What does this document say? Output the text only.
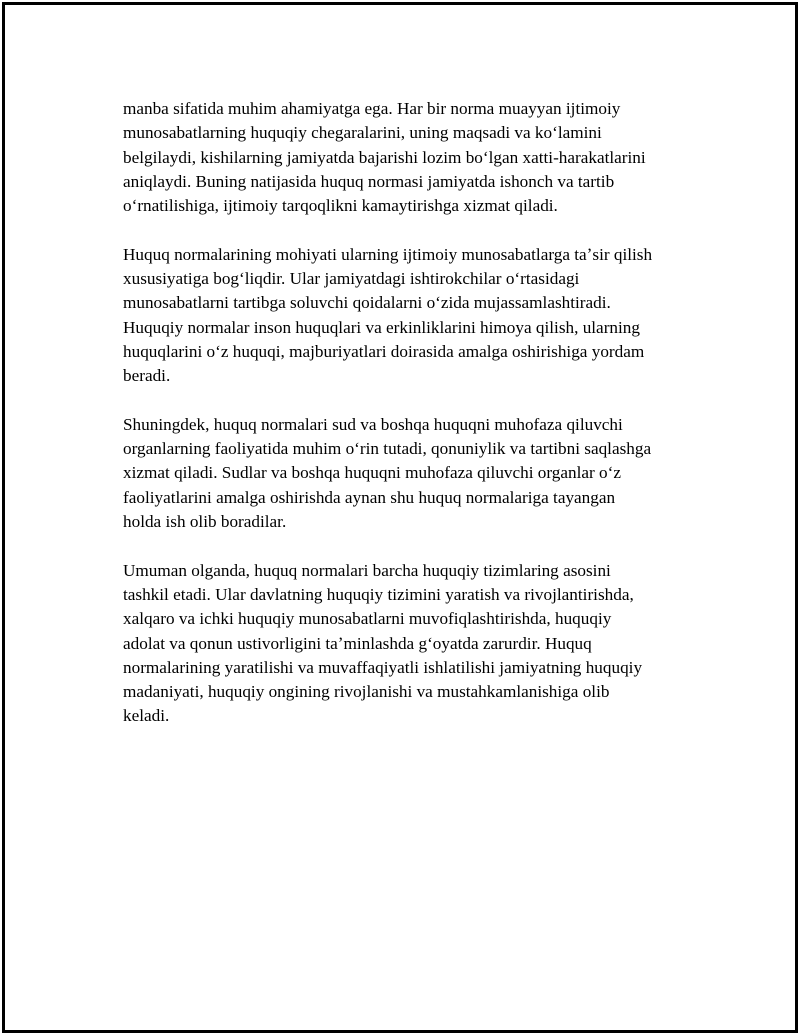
manba sifatida muhim ahamiyatga ega. Har bir norma muayyan ijtimoiy
munosabatlarning huquqiy chegaralarini, uning maqsadi va koʻlamini
belgilaydi, kishilarning jamiyatda bajarishi lozim boʻlgan xatti-harakatlarini
aniqlaydi. Buning natijasida huquq normasi jamiyatda ishonch va tartib
oʻrnatilishiga, ijtimoiy tarqoqlikni kamaytirishga xizmat qiladi.

Huquq normalarining mohiyati ularning ijtimoiy munosabatlarga taʼsir qilish
xususiyatiga bogʻliqdir. Ular jamiyatdagi ishtirokchilar oʻrtasidagi
munosabatlarni tartibga soluvchi qoidalarni oʻzida mujassamlashtiradi.
Huquqiy normalar inson huquqlari va erkinliklarini himoya qilish, ularning
huquqlarini oʻz huquqi, majburiyatlari doirasida amalga oshirishiga yordam
beradi.

Shuningdek, huquq normalari sud va boshqa huquqni muhofaza qiluvchi
organlarning faoliyatida muhim oʻrin tutadi, qonuniylik va tartibni saqlashga
xizmat qiladi. Sudlar va boshqa huquqni muhofaza qiluvchi organlar oʻz
faoliyatlarini amalga oshirishda aynan shu huquq normalariga tayangan
holda ish olib boradilar.

Umuman olganda, huquq normalari barcha huquqiy tizimlaring asosini
tashkil etadi. Ular davlatning huquqiy tizimini yaratish va rivojlantirishda,
xalqaro va ichki huquqiy munosabatlarni muvofiqlashtirishda, huquqiy
adolat va qonun ustivorligini taʼminlashda gʻoyatda zarurdir. Huquq
normalarining yaratilishi va muvaffaqiyatli ishlatilishi jamiyatning huquqiy
madaniyati, huquqiy ongining rivojlanishi va mustahkamlanishiga olib
keladi.
